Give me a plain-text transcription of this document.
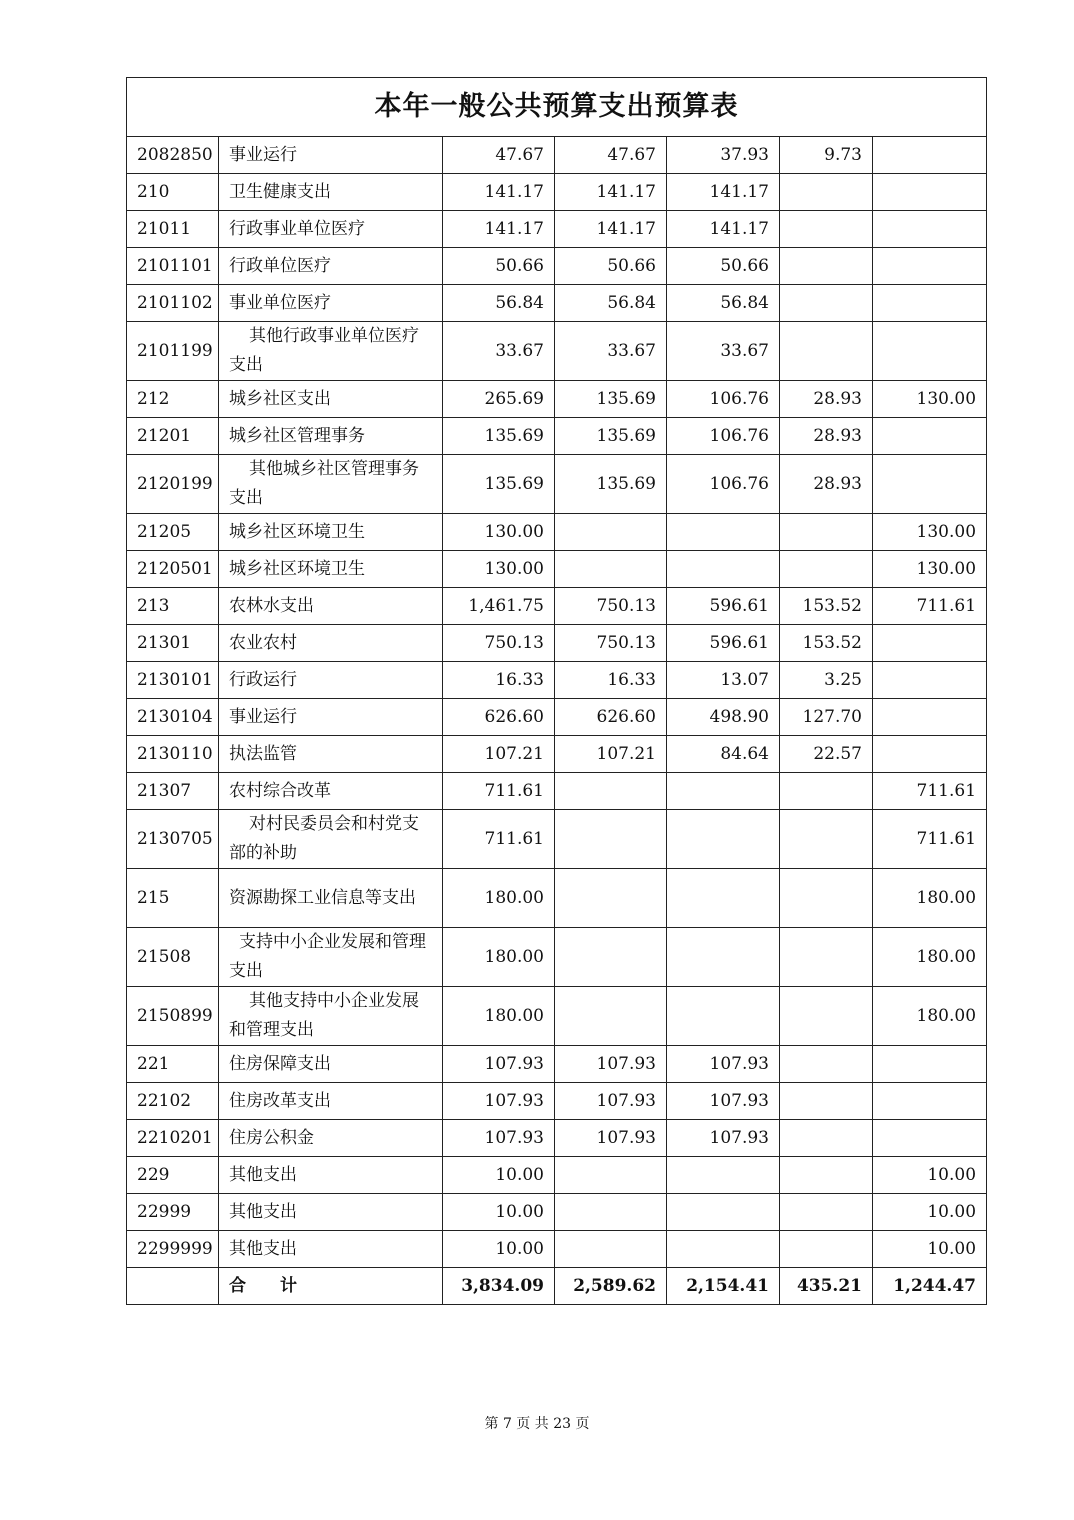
本年一般公共预算支出预算表						
2082850	事业运行	47.67	47.67	37.93	9.73	
210	卫生健康支出	141.17	141.17	141.17		
21011	行政事业单位医疗	141.17	141.17	141.17		
2101101	行政单位医疗	50.66	50.66	50.66		
2101102	事业单位医疗	56.84	56.84	56.84		
2101199	其他行政事业单位医疗支出	33.67	33.67	33.67		
212	城乡社区支出	265.69	135.69	106.76	28.93	130.00
21201	城乡社区管理事务	135.69	135.69	106.76	28.93	
2120199	其他城乡社区管理事务支出	135.69	135.69	106.76	28.93	
21205	城乡社区环境卫生	130.00				130.00
2120501	城乡社区环境卫生	130.00				130.00
213	农林水支出	1,461.75	750.13	596.61	153.52	711.61
21301	农业农村	750.13	750.13	596.61	153.52	
2130101	行政运行	16.33	16.33	13.07	3.25	
2130104	事业运行	626.60	626.60	498.90	127.70	
2130110	执法监管	107.21	107.21	84.64	22.57	
21307	农村综合改革	711.61				711.61
2130705	对村民委员会和村党支部的补助	711.61				711.61
215	资源勘探工业信息等支出	180.00				180.00
21508	支持中小企业发展和管理支出	180.00				180.00
2150899	其他支持中小企业发展和管理支出	180.00				180.00
221	住房保障支出	107.93	107.93	107.93		
22102	住房改革支出	107.93	107.93	107.93		
2210201	住房公积金	107.93	107.93	107.93		
229	其他支出	10.00				10.00
22999	其他支出	10.00				10.00
2299999	其他支出	10.00				10.00
	合　　计	3,834.09	2,589.62	2,154.41	435.21	1,244.47
第 7 页 共 23 页
